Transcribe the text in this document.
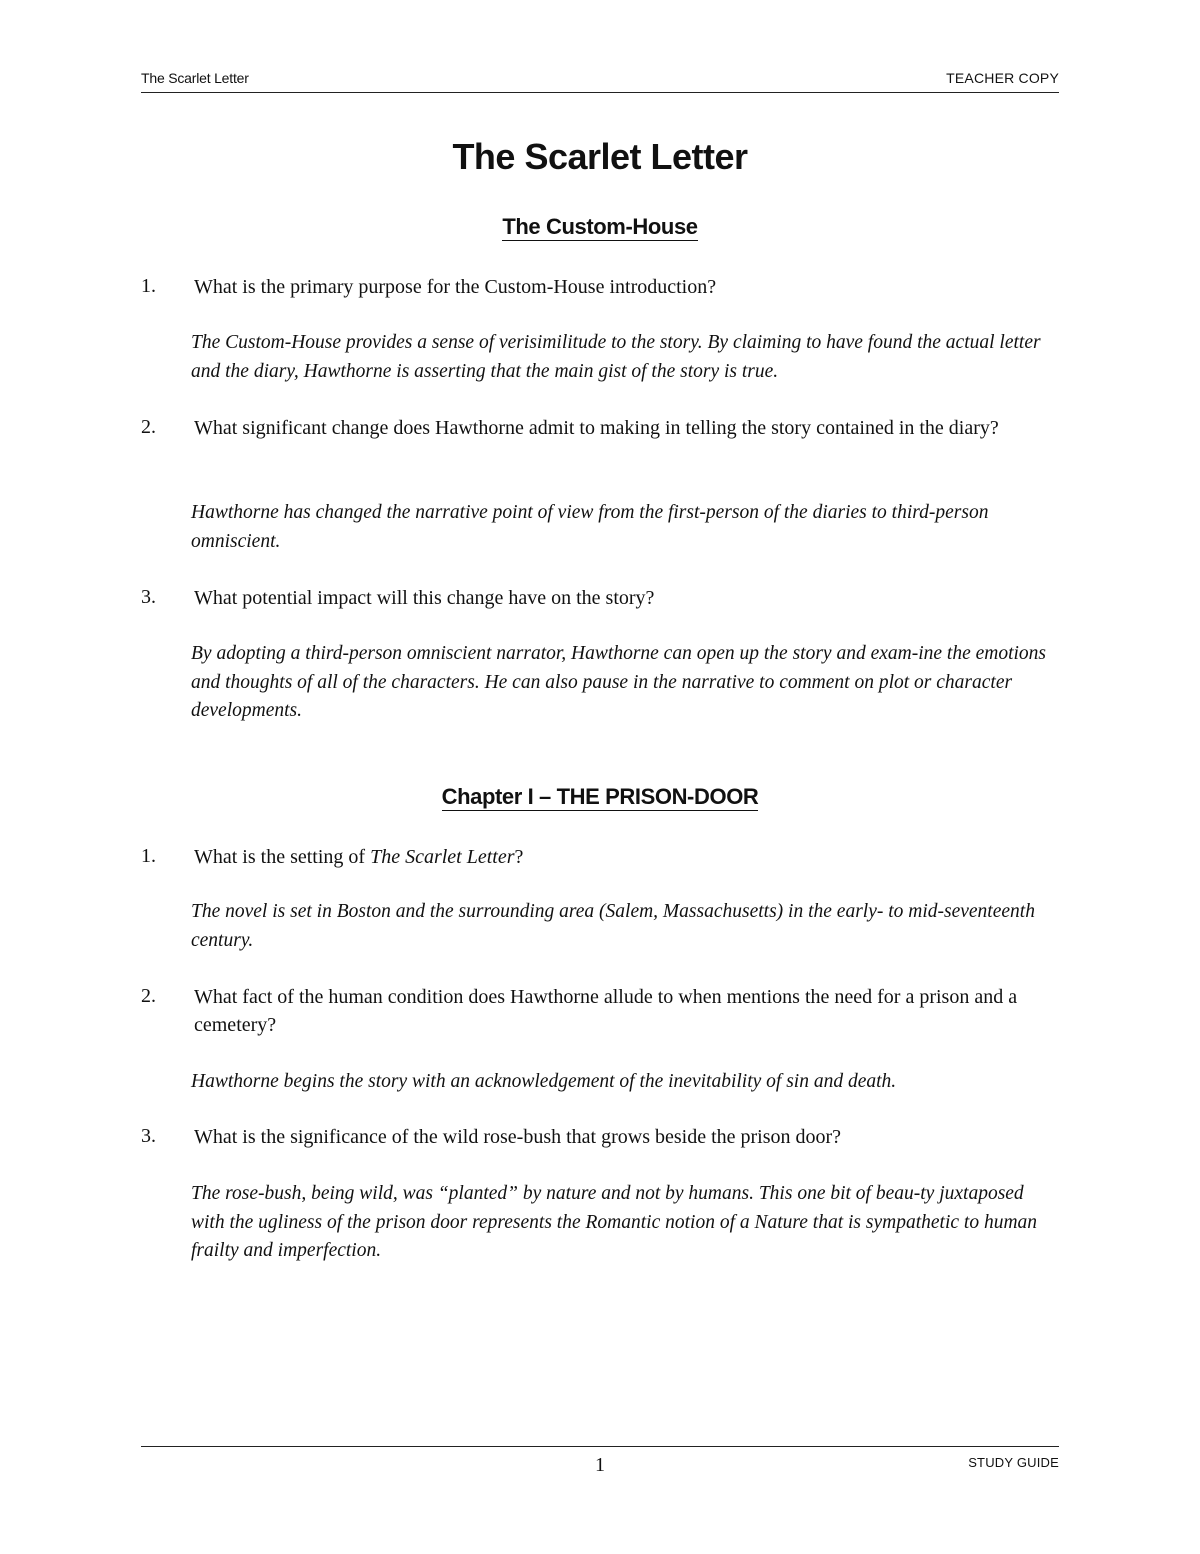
The Scarlet Letter	TEACHER COPY
The Scarlet Letter
The Custom-House
1. What is the primary purpose for the Custom-House introduction?
The Custom-House provides a sense of verisimilitude to the story. By claiming to have found the actual letter and the diary, Hawthorne is asserting that the main gist of the story is true.
2. What significant change does Hawthorne admit to making in telling the story contained in the diary?
Hawthorne has changed the narrative point of view from the first-person of the diaries to third-person omniscient.
3. What potential impact will this change have on the story?
By adopting a third-person omniscient narrator, Hawthorne can open up the story and exam-ine the emotions and thoughts of all of the characters. He can also pause in the narrative to comment on plot or character developments.
Chapter I – THE PRISON-DOOR
1. What is the setting of The Scarlet Letter?
The novel is set in Boston and the surrounding area (Salem, Massachusetts) in the early- to mid-seventeenth century.
2. What fact of the human condition does Hawthorne allude to when mentions the need for a prison and a cemetery?
Hawthorne begins the story with an acknowledgement of the inevitability of sin and death.
3. What is the significance of the wild rose-bush that grows beside the prison door?
The rose-bush, being wild, was “planted” by nature and not by humans. This one bit of beau-ty juxtaposed with the ugliness of the prison door represents the Romantic notion of a Nature that is sympathetic to human frailty and imperfection.
1	STUDY GUIDE
